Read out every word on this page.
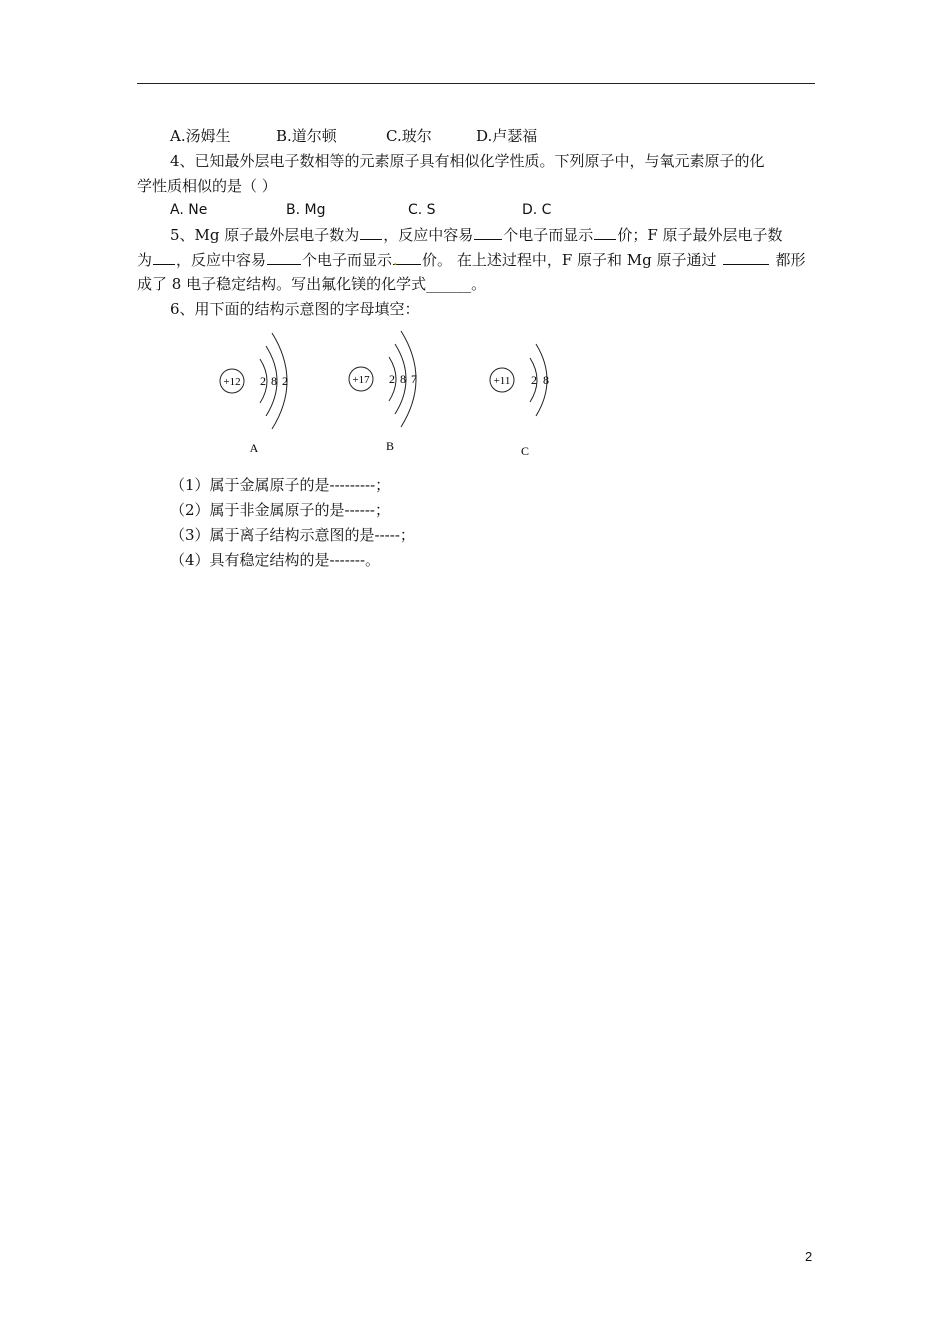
A.汤姆生	B.道尔顿	C.玻尔	D.卢瑟福
4、已知最外层电子数相等的元素原子具有相似化学性质。下列原子中，与氧元素原子的化
学性质相似的是（ ）
A. Ne	B. Mg	C. S	D. C
5、Mg 原子最外层电子数为 ，反应中容易 个电子而显示 价；F 原子最外层电子数
为 ，反应中容易 个电子而显示. 价。 在上述过程中，F 原子和 Mg 原子通过	都形
成了 8 电子稳定结构。写出氟化镁的化学式______。
6、用下面的结构示意图的字母填空：
+12 2 8 2
A
+17 2 8 7
B
+11 2 8
C
（1）属于金属原子的是---------；
（2）属于非金属原子的是------；
（3）属于离子结构示意图的是-----；
（4）具有稳定结构的是-------。
2
